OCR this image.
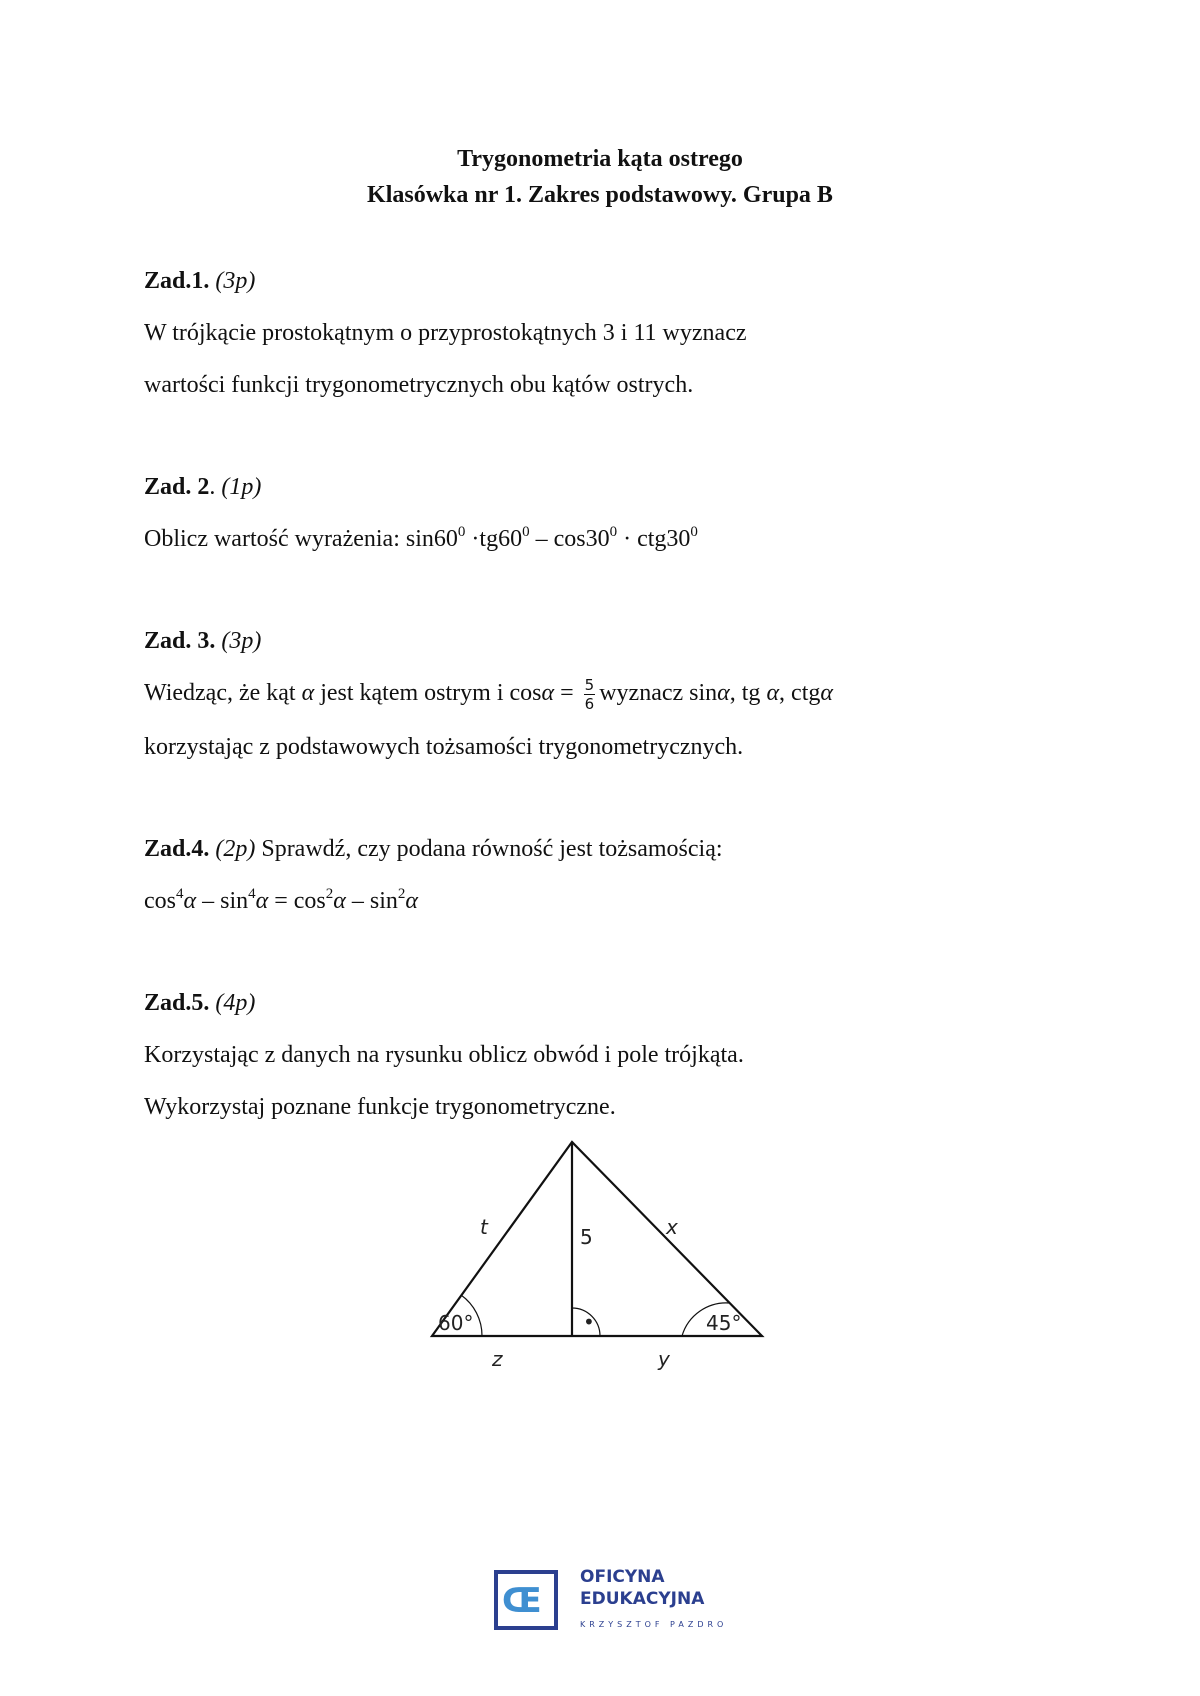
Trygonometria kąta ostrego
Klasówka nr 1. Zakres podstawowy. Grupa B
Zad.1. (3p)
W trójkącie prostokątnym o przyprostokątnych 3 i 11 wyznacz
wartości funkcji trygonometrycznych obu kątów ostrych.
Zad. 2. (1p)
Oblicz wartość wyrażenia: $\sin 60^0 \cdot tg60^0 - \cos 30^0 \cdot ctg30^0$
Zad. 3. (3p)
Wiedząc, że kąt α jest kątem ostrym i $\cos\alpha = \frac{5}{6}$ wyznacz sinα, tg α, ctgα
korzystając z podstawowych tożsamości trygonometrycznych.
Zad.4. (2p) Sprawdź, czy podana równość jest tożsamością:
$\cos^4\alpha - \sin^4\alpha = \cos^2\alpha - \sin^2\alpha$
Zad.5. (4p)
Korzystając z danych na rysunku oblicz obwód i pole trójkąta.
Wykorzystaj poznane funkcje trygonometryczne.
•
t	x
5
z	y
60°	45°
Œ
OFICYNA
EDUKACYJNA
KRZYSZTOF PAZDRO
